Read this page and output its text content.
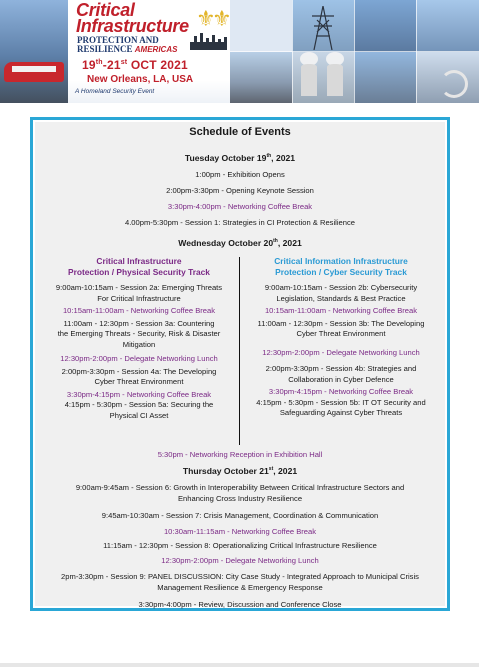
Critical
Infrastructure
PROTECTION AND
RESILIENCE AMERICAS
⚜
⚜
19th-21st OCT 2021
New Orleans, LA, USA
A Homeland Security Event
Schedule of Events
Tuesday October 19th, 2021
1:00pm - Exhibition Opens
2:00pm-3:30pm - Opening Keynote Session
3:30pm-4:00pm - Networking Coffee Break
4.00pm-5:30pm - Session 1: Strategies in CI Protection & Resilience
Wednesday October 20th, 2021
Critical Infrastructure
Protection / Physical Security Track
9:00am-10:15am - Session 2a: Emerging Threats
For Critical Infrastructure
10:15am-11:00am - Networking Coffee Break
11:00am - 12:30pm - Session 3a: Countering
the Emerging Threats - Security, Risk & Disaster
Mitigation
12:30pm-2:00pm - Delegate Networking Lunch
2:00pm-3:30pm - Session 4a: The Developing
Cyber Threat Environment
3:30pm-4:15pm - Networking Coffee Break
4:15pm - 5:30pm - Session 5a: Securing the
Physical CI Asset
Critical Information Infrastructure
Protection / Cyber Security Track
9:00am-10:15am - Session 2b: Cybersecurity
Legislation, Standards & Best Practice
10:15am-11:00am - Networking Coffee Break
11:00am - 12:30pm - Session 3b: The Developing
Cyber Threat Environment
12:30pm-2:00pm - Delegate Networking Lunch
2:00pm-3:30pm - Session 4b: Strategies and
Collaboration in Cyber Defence
3:30pm-4:15pm - Networking Coffee Break
4:15pm - 5:30pm - Session 5b: IT OT Security and
Safeguarding Against Cyber Threats
5:30pm - Networking Reception in Exhibition Hall
Thursday October 21st, 2021
9:00am-9:45am - Session 6: Growth in Interoperability Between Critical Infrastructure Sectors and
Enhancing Cross Industry Resilience
9:45am-10:30am - Session 7: Crisis Management, Coordination & Communication
10:30am-11:15am - Networking Coffee Break
11:15am - 12:30pm - Session 8: Operationalizing Critical Infrastructure Resilience
12:30pm-2:00pm - Delegate Networking Lunch
2pm-3:30pm - Session 9: PANEL DISCUSSION: City Case Study - Integrated Approach to Municipal Crisis
Management Resilience & Emergency Response
3:30pm-4:00pm - Review, Discussion and Conference Close
